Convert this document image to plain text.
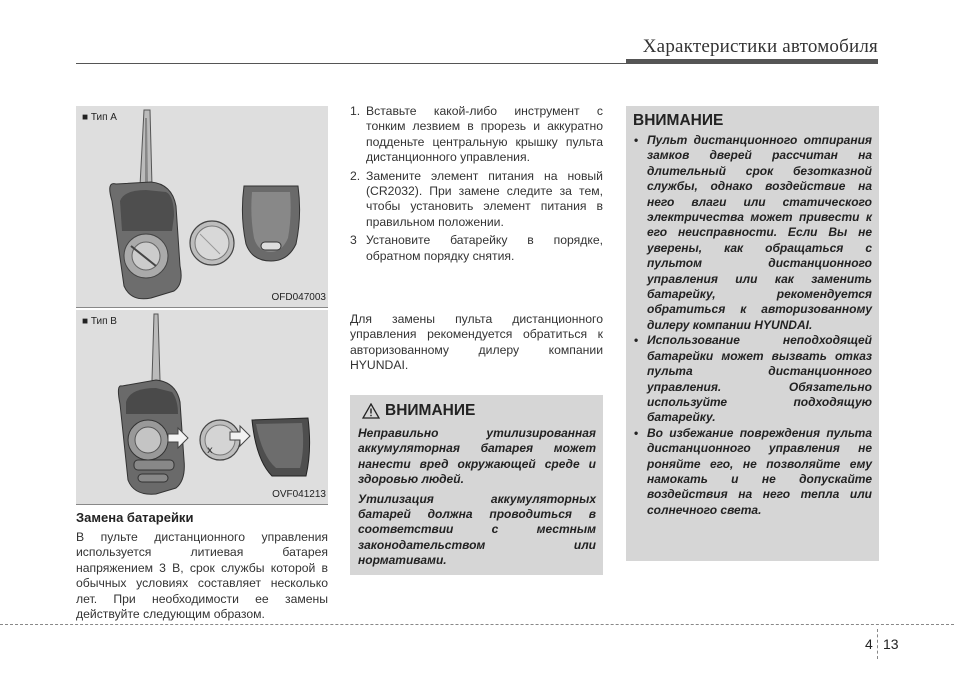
Характеристики автомобиля
■ Тип A
OFD047003
■ Тип B
x
OVF041213
Замена батарейки
В пульте дистанционного управления используется литиевая батарея напряжением 3 В, срок службы которой в обычных условиях составляет несколько лет. При необходимости ее замены действуйте следующим образом.
1. Вставьте какой-либо инструмент с тонким лезвием в прорезь и аккуратно подденьте центральную крышку пульта дистанционного управления.
2. Замените элемент питания на новый (CR2032). При замене следите за тем, чтобы установить элемент питания в правильном положении.
3 Установите батарейку в порядке, обратном порядку снятия.
Для замены пульта дистанционного управления рекомендуется обратиться к авторизованному дилеру компании HYUNDAI.
ВНИМАНИЕ

Неправильно утилизированная аккумуляторная батарея может нанести вред окружающей среде и здоровью людей.

Утилизация аккумуляторных батарей должна проводиться в соответствии с местным законодательством или нормативами.

ВНИМАНИЕ
• Пульт дистанционного отпирания замков дверей рассчитан на длительный срок безотказной службы, однако воздействие на него влаги или статического электричества может привести к его неисправности. Если Вы не уверены, как обращаться с пультом дистанционного управления или как заменить батарейку, рекомендуется обратиться к авторизованному дилеру компании HYUNDAI.
• Использование неподходящей батарейки может вызвать отказ пульта дистанционного управления. Обязательно используйте подходящую батарейку.
• Во избежание повреждения пульта дистанционного управления не роняйте его, не позволяйте ему намокать и не допускайте воздействия на него тепла или солнечного света.
4 13
